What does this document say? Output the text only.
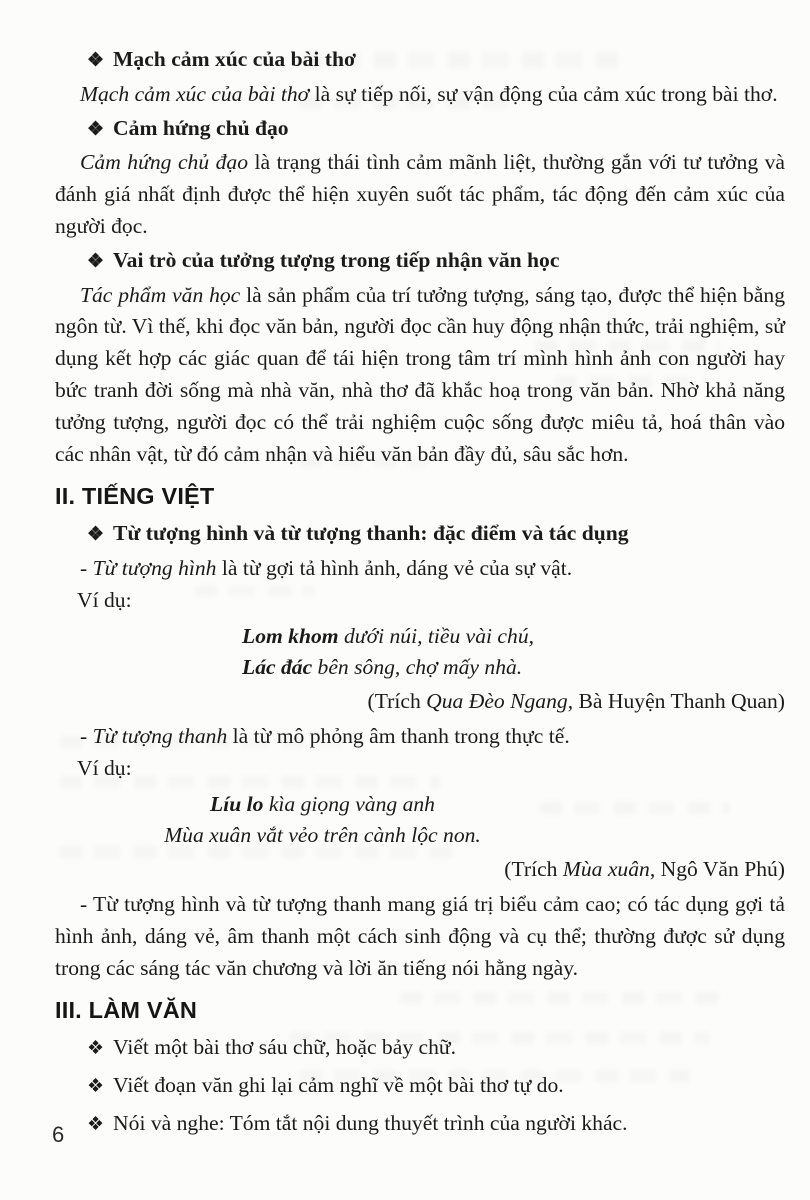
❖ Mạch cảm xúc của bài thơ

Mạch cảm xúc của bài thơ là sự tiếp nối, sự vận động của cảm xúc trong bài thơ.

❖ Cảm hứng chủ đạo

Cảm hứng chủ đạo là trạng thái tình cảm mãnh liệt, thường gắn với tư tưởng và đánh giá nhất định được thể hiện xuyên suốt tác phẩm, tác động đến cảm xúc của người đọc.

❖ Vai trò của tưởng tượng trong tiếp nhận văn học

Tác phẩm văn học là sản phẩm của trí tưởng tượng, sáng tạo, được thể hiện bằng ngôn từ. Vì thế, khi đọc văn bản, người đọc cần huy động nhận thức, trải nghiệm, sử dụng kết hợp các giác quan để tái hiện trong tâm trí mình hình ảnh con người hay bức tranh đời sống mà nhà văn, nhà thơ đã khắc hoạ trong văn bản. Nhờ khả năng tưởng tượng, người đọc có thể trải nghiệm cuộc sống được miêu tả, hoá thân vào các nhân vật, từ đó cảm nhận và hiểu văn bản đầy đủ, sâu sắc hơn.

II. TIẾNG VIỆT
❖ Từ tượng hình và từ tượng thanh: đặc điểm và tác dụng

- Từ tượng hình là từ gợi tả hình ảnh, dáng vẻ của sự vật.

Ví dụ:
Lom khom dưới núi, tiều vài chú,
Lác đác bên sông, chợ mấy nhà.
(Trích Qua Đèo Ngang, Bà Huyện Thanh Quan)

- Từ tượng thanh là từ mô phỏng âm thanh trong thực tế.

Ví dụ:
Líu lo kìa giọng vàng anh
Mùa xuân vắt vẻo trên cành lộc non.
(Trích Mùa xuân, Ngô Văn Phú)

- Từ tượng hình và từ tượng thanh mang giá trị biểu cảm cao; có tác dụng gợi tả hình ảnh, dáng vẻ, âm thanh một cách sinh động và cụ thể; thường được sử dụng trong các sáng tác văn chương và lời ăn tiếng nói hằng ngày.

III. LÀM VĂN
❖ Viết một bài thơ sáu chữ, hoặc bảy chữ.
❖ Viết đoạn văn ghi lại cảm nghĩ về một bài thơ tự do.
❖ Nói và nghe: Tóm tắt nội dung thuyết trình của người khác.
6
